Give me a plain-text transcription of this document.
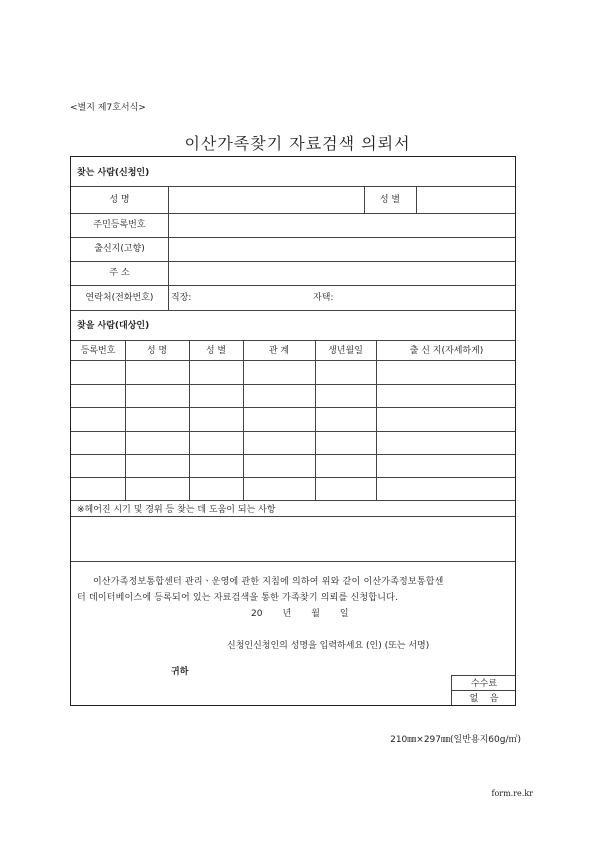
<별지 제7호서식>
이산가족찾기 자료검색 의뢰서
찾는 사람(신청인)
성 명	성 별
주민등록번호
출신지(고향)
주 소
연락처(전화번호)	직장:	자택:
찾을 사람(대상인)
등록번호	성 명	성 별	관 계	생년월일	출 신 지(자세하게)
※헤어진 시기 및 경위 등 찾는 데 도움이 되는 사항
이산가족정보통합센터 관리ㆍ운영에 관한 지침에 의하여 위와 같이 이산가족정보통합센
터 데이터베이스에 등록되어 있는 자료검색을 통한 가족찾기 의뢰를 신청합니다.
20       년       월       일
신청인신청인의 성명을 입력하세요 (인) (또는 서명)
귀하
수수료
없    음
210㎜×297㎜(일반용지60g/㎡)
form.re.kr
